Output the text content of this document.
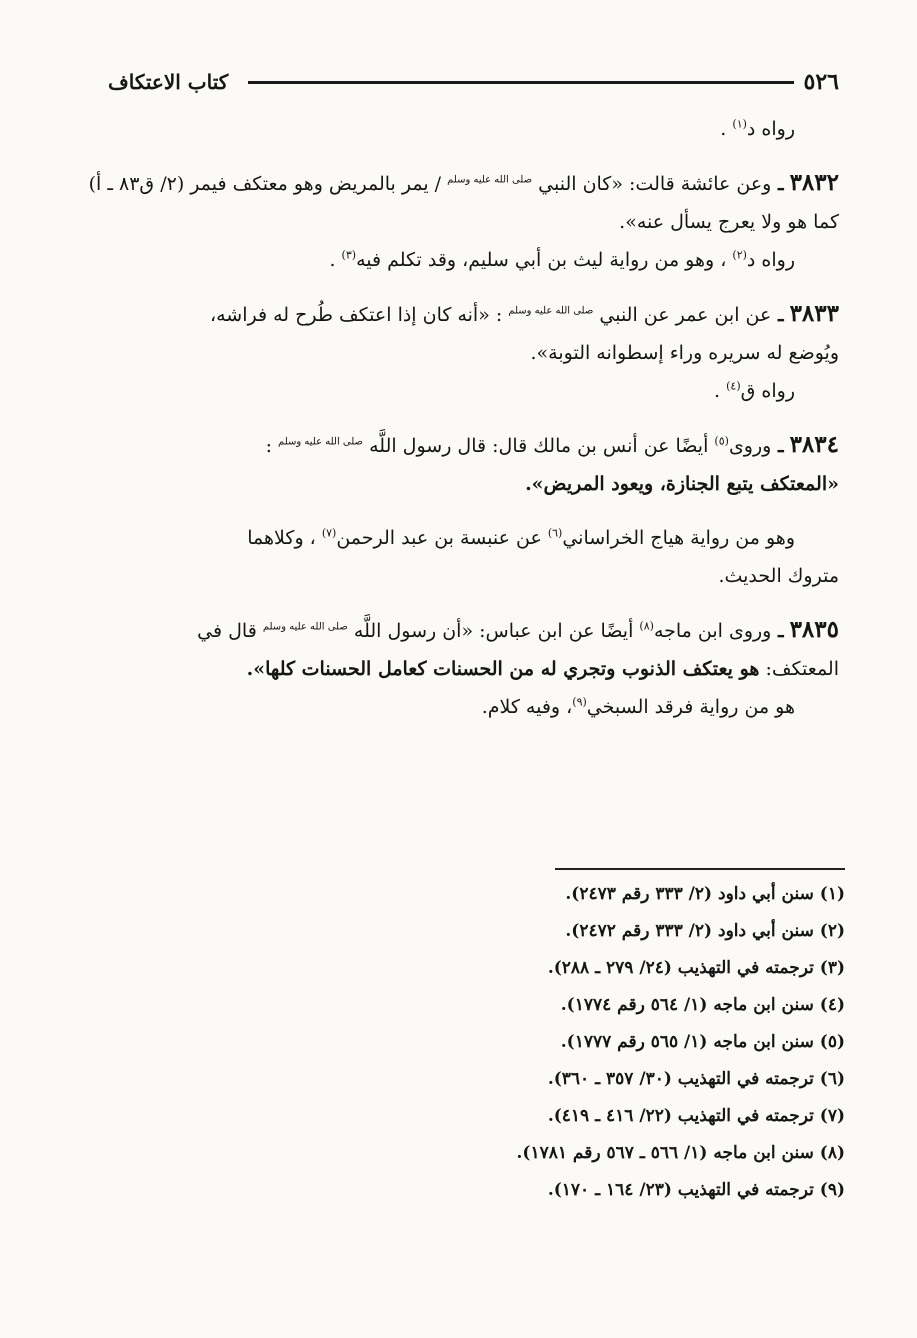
كتاب الاعتكاف	٥٢٦

رواه د$^{(١)}$ .

٣٨٣٢ ـ وعن عائشة قالت: «كان النبي $^{صلى الله عليه وسلم}$ / يمر بالمريض وهو معتكف فيمر (٢/ ق٨٣ ـ أ)
كما هو ولا يعرج يسأل عنه».

رواه د$^{(٢)}$ ، وهو من رواية ليث بن أبي سليم، وقد تكلم فيه$^{(٣)}$ .

٣٨٣٣ ـ عن ابن عمر عن النبي $^{صلى الله عليه وسلم}$ : «أنه كان إذا اعتكف طُرح له فراشه،
ويُوضع له سريره وراء إسطوانه التوبة».

رواه ق$^{(٤)}$ .

٣٨٣٤ ـ وروى$^{(٥)}$ أيضًا عن أنس بن مالك قال: قال رسول اللَّه $^{صلى الله عليه وسلم}$ :
«المعتكف يتبع الجنازة، ويعود المريض».

وهو من رواية هياج الخراساني$^{(٦)}$ عن عنبسة بن عبد الرحمن$^{(٧)}$ ، وكلاهما

متروك الحديث.

٣٨٣٥ ـ وروى ابن ماجه$^{(٨)}$ أيضًا عن ابن عباس: «أن رسول اللَّه $^{صلى الله عليه وسلم}$ قال في
المعتكف: هو يعتكف الذنوب وتجري له من الحسنات كعامل الحسنات كلها».

هو من رواية فرقد السبخي$^{(٩)}$، وفيه كلام.

(١) سنن أبي داود (٢/ ٣٣٣ رقم ٢٤٧٣).

(٢) سنن أبي داود (٢/ ٣٣٣ رقم ٢٤٧٢).

(٣) ترجمته في التهذيب (٢٤/ ٢٧٩ ـ ٢٨٨).

(٤) سنن ابن ماجه (١/ ٥٦٤ رقم ١٧٧٤).

(٥) سنن ابن ماجه (١/ ٥٦٥ رقم ١٧٧٧).

(٦) ترجمته في التهذيب (٣٠/ ٣٥٧ ـ ٣٦٠).

(٧) ترجمته في التهذيب (٢٢/ ٤١٦ ـ ٤١٩).

(٨) سنن ابن ماجه (١/ ٥٦٦ ـ ٥٦٧ رقم ١٧٨١).

(٩) ترجمته في التهذيب (٢٣/ ١٦٤ ـ ١٧٠).
